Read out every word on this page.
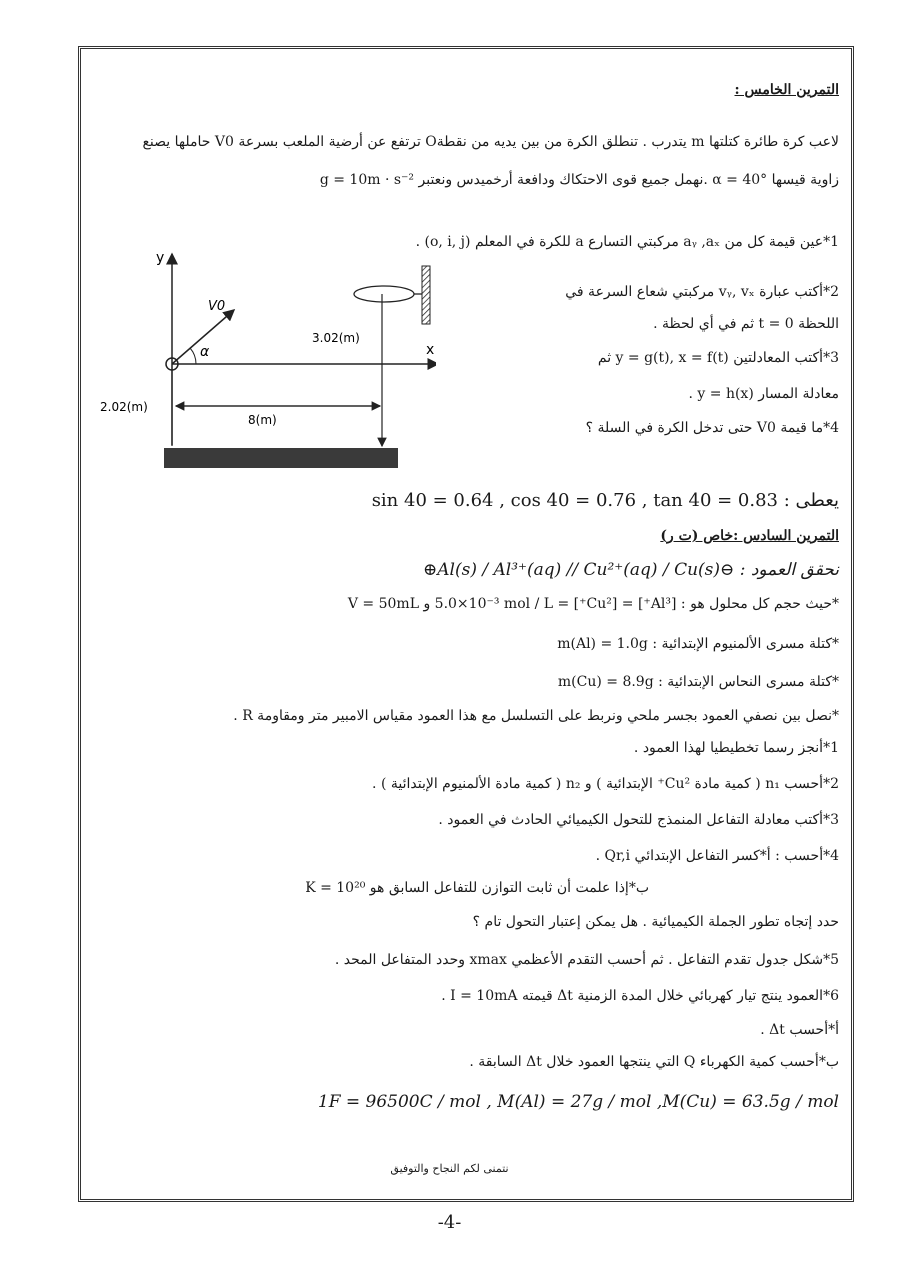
التمرين الخامس :
لاعب كرة طائرة كتلتها m يتدرب . تنطلق الكرة من بين يديه من نقطةO ترتفع عن أرضية الملعب بسرعة V0 حاملها يصنع
زاوية قيسها α = 40° .نهمل جميع قوى الاحتكاك ودافعة أرخميدس ونعتبر g = 10m · s⁻²
1*عين قيمة كل من aᵧ ,aₓ مركبتي التسارع a للكرة في المعلم (o, i, j) .
2*أكتب عبارة vᵧ, vₓ مركبتي شعاع السرعة في
اللحظة t = 0 ثم في أي لحظة .
3*أكتب المعادلتين y = g(t), x = f(t) ثم
معادلة المسار y = h(x) .
4*ما قيمة V0 حتى تدخل الكرة في السلة ؟
y
x
V0
α
2.02(m)
8(m)
3.02(m)
يعطى : sin 40 = 0.64 , cos 40 = 0.76 , tan 40 = 0.83
التمرين السادس :خاص (ت ر)
نحقق العمود : ⊖Al(s) / Al³⁺(aq) // Cu²⁺(aq) / Cu(s)⊕
*حيث حجم كل محلول هو : [Al³⁺] = [Cu²⁺] = 5.0×10⁻³ mol / L و V = 50mL
*كتلة مسرى الألمنيوم الإبتدائية : m(Al) = 1.0g
*كتلة مسرى النحاس الإبتدائية : m(Cu) = 8.9g
*نصل بين نصفي العمود بجسر ملحي ونربط على التسلسل مع هذا العمود مقياس الامبير متر ومقاومة R .
1*أنجز رسما تخطيطيا لهذا العمود .
2*أحسب n₁ ( كمية مادة Cu²⁺ الإبتدائية ) و n₂ ( كمية مادة الألمنيوم الإبتدائية ) .
3*أكتب معادلة التفاعل المنمذج للتحول الكيميائي الحادث في العمود .
4*أحسب : أ*كسر التفاعل الإبتدائي Qr,i .
ب*إذا علمت أن ثابت التوازن للتفاعل السابق هو K = 10²⁰
حدد إتجاه تطور الجملة الكيميائية . هل يمكن إعتبار التحول تام ؟
5*شكل جدول تقدم التفاعل . ثم أحسب التقدم الأعظمي xmax وحدد المتفاعل المحد .
6*العمود ينتج تيار كهربائي خلال المدة الزمنية Δt قيمته I = 10mA .
أ*أحسب Δt .
ب*أحسب كمية الكهرباء Q التي ينتجها العمود خلال Δt السابقة .
1F = 96500C / mol , M(Al) = 27g / mol ,M(Cu) = 63.5g / mol
نتمنى لكم النجاح والتوفيق
-4-
